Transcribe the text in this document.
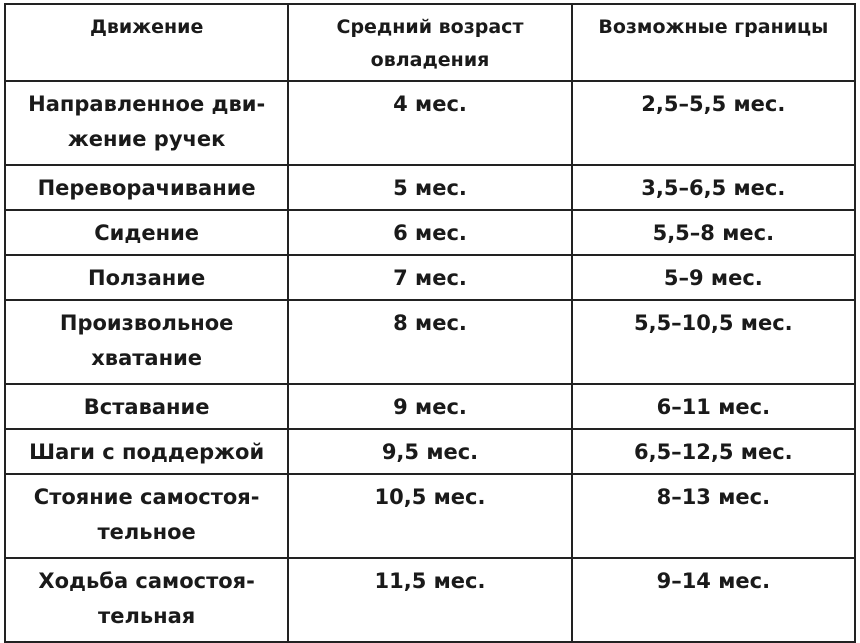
Движение	Средний возраст овладения	Возможные границы

Направленное дви- жение ручек	4 мес.	2,5–5,5 мес.

Переворачивание	5 мес.	3,5–6,5 мес.

Сидение	6 мес.	5,5–8 мес.

Ползание	7 мес.	5–9 мес.

Произвольное хватание	8 мес.	5,5–10,5 мес.

Вставание	9 мес.	6–11 мес.

Шаги с поддержой	9,5 мес.	6,5–12,5 мес.

Стояние самостоя- тельное	10,5 мес.	8–13 мес.

Ходьба самостоя- тельная	11,5 мес.	9–14 мес.
